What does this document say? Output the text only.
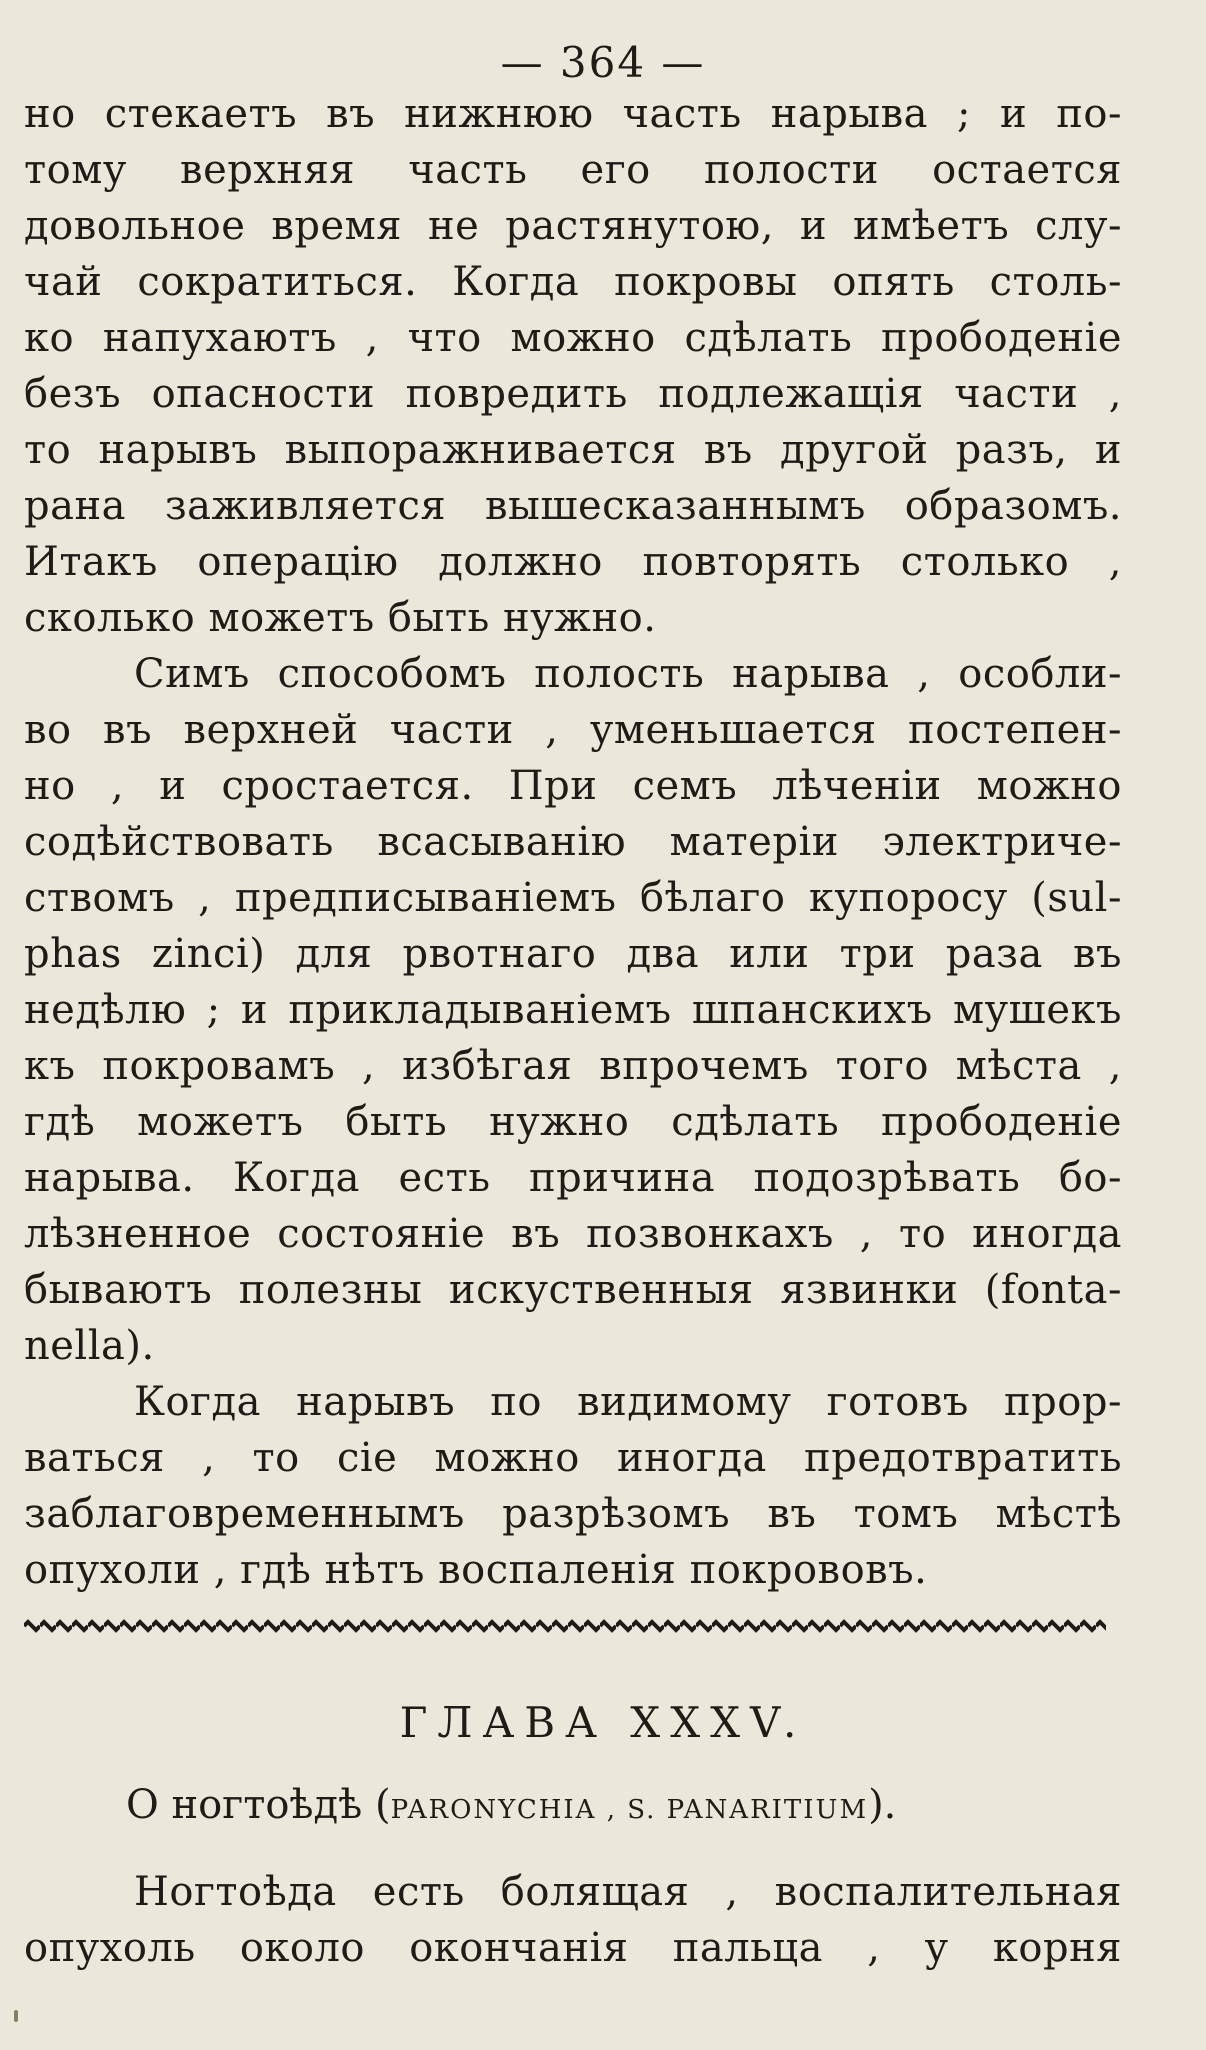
— 364 —
но стекаетъ въ нижнюю часть нарыва ; и по-
тому верхняя часть его полости остается
довольное время не растянутою, и имѣетъ слу-
чай сократиться. Когда покровы опять столь-
ко напухаютъ , что можно сдѣлать прободенiе
безъ опасности повредить подлежащiя части ,
то нарывъ выпоражнивается въ другой разъ, и
рана заживляется вышесказаннымъ образомъ.
Итакъ операцiю должно повторять столько ,
сколько можетъ быть нужно.
Симъ способомъ полость нарыва , особли-
во въ верхней части , уменьшается постепен-
но , и сростается. При семъ лѣченiи можно
содѣйствовать всасыванiю матерiи электриче-
ствомъ , предписыванiемъ бѣлаго купоросу (sul-
phas zinci) для рвотнаго два или три раза въ
недѣлю ; и прикладыванiемъ шпанскихъ мушекъ
къ покровамъ , избѣгая впрочемъ того мѣста ,
гдѣ можетъ быть нужно сдѣлать прободенiе
нарыва. Когда есть причина подозрѣвать бо-
лѣзненное состоянiе въ позвонкахъ , то иногда
бываютъ полезны искуственныя язвинки (fonta-
nella).
Когда нарывъ по видимому готовъ прор-
ваться , то сiе можно иногда предотвратить
заблаговременнымъ разрѣзомъ въ томъ мѣстѣ
опухоли , гдѣ нѣтъ воспаленiя покрововъ.
ГЛАВА XXXV.
О ногтоѣдѣ (PARONYCHIA , S. PANARITIUM).
Ногтоѣда есть болящая , воспалительная
опухоль около окончанiя пальца , у корня
